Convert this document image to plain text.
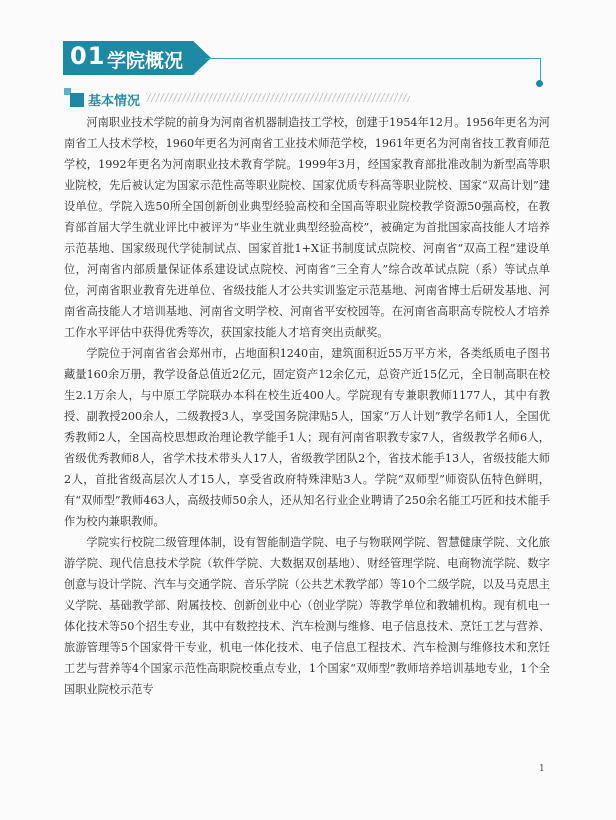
01 学院概况
基本情况

河南职业技术学院的前身为河南省机器制造技工学校，创建于1954年12月。1956年更名为河南省工人技术学校，1960年更名为河南省工业技术师范学校，1961年更名为河南省技工教育师范学校，1992年更名为河南职业技术教育学院。1999年3月，经国家教育部批准改制为新型高等职业院校，先后被认定为国家示范性高等职业院校、国家优质专科高等职业院校、国家“双高计划”建设单位。学院入选50所全国创新创业典型经验高校和全国高等职业院校教学资源50强高校，在教育部首届大学生就业评比中被评为“毕业生就业典型经验高校”，被确定为首批国家高技能人才培养示范基地、国家级现代学徒制试点、国家首批1+X证书制度试点院校、河南省“双高工程”建设单位，河南省内部质量保证体系建设试点院校、河南省“三全育人”综合改革试点院（系）等试点单位，河南省职业教育先进单位、省级技能人才公共实训鉴定示范基地、河南省博士后研发基地、河南省高技能人才培训基地、河南省文明学校、河南省平安校园等。在河南省高职高专院校人才培养工作水平评估中获得优秀等次，获国家技能人才培育突出贡献奖。

学院位于河南省省会郑州市，占地面积1240亩，建筑面积近55万平方米，各类纸质电子图书藏量160余万册，教学设备总值近2亿元，固定资产12余亿元，总资产近15亿元，全日制高职在校生2.1万余人，与中原工学院联办本科在校生近400人。学院现有专兼职教师1177人，其中有教授、副教授200余人，二级教授3人，享受国务院津贴5人，国家“万人计划”教学名师1人，全国优秀教师2人，全国高校思想政治理论教学能手1人；现有河南省职教专家7人，省级教学名师6人，省级优秀教师8人，省学术技术带头人17人，省级教学团队2个，省技术能手13人，省级技能大师2人，首批省级高层次人才15人，享受省政府特殊津贴3人。学院“双师型”师资队伍特色鲜明，有“双师型”教师463人，高级技师50余人，还从知名行业企业聘请了250余名能工巧匠和技术能手作为校内兼职教师。

学院实行校院二级管理体制，设有智能制造学院、电子与物联网学院、智慧健康学院、文化旅游学院、现代信息技术学院（软件学院、大数据双创基地）、财经管理学院、电商物流学院、数字创意与设计学院、汽车与交通学院、音乐学院（公共艺术教学部）等10个二级学院，以及马克思主义学院、基础教学部、附属技校、创新创业中心（创业学院）等教学单位和教辅机构。现有机电一体化技术等50个招生专业，其中有数控技术、汽车检测与维修、电子信息技术、烹饪工艺与营养、旅游管理等5个国家骨干专业，机电一体化技术、电子信息工程技术、汽车检测与维修技术和烹饪工艺与营养等4个国家示范性高职院校重点专业，1个国家“双师型”教师培养培训基地专业，1个全国职业院校示范专

1
